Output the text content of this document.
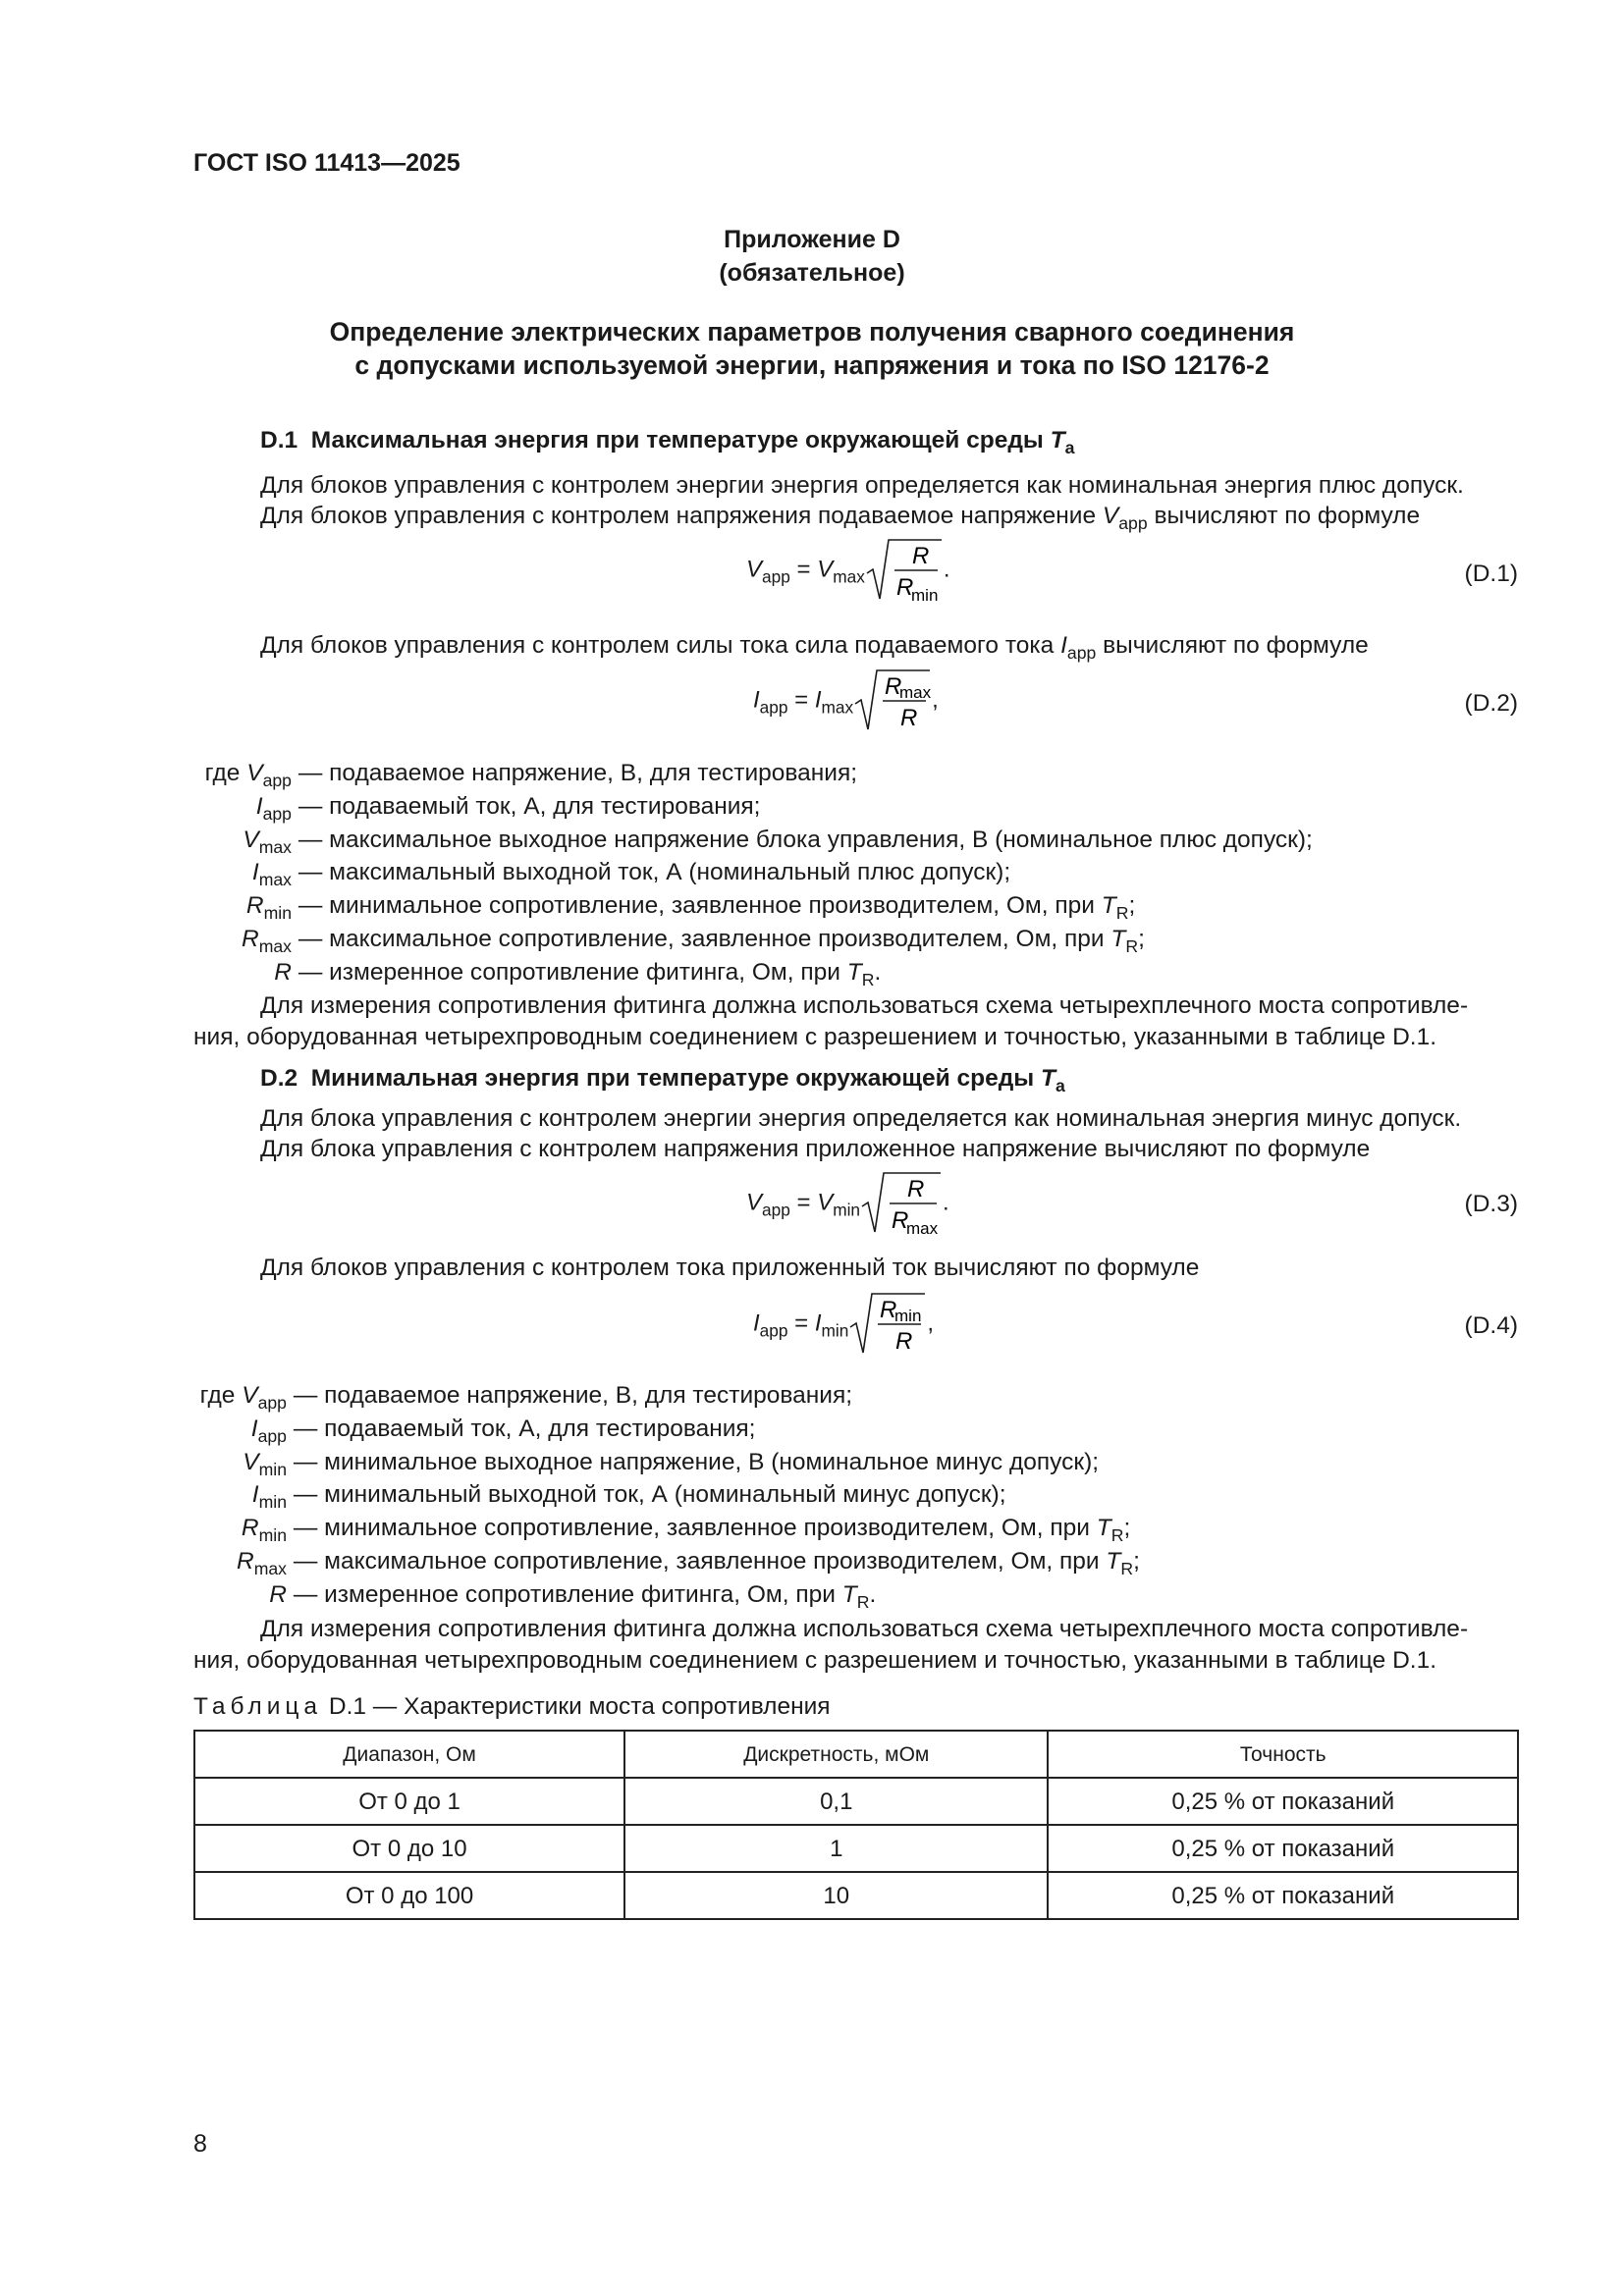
ГОСТ ISO 11413—2025
Приложение D
(обязательное)
Определение электрических параметров получения сварного соединения
с допусками используемой энергии, напряжения и тока по ISO 12176-2
D.1 Максимальная энергия при температуре окружающей среды $T_a$
Для блоков управления с контролем энергии энергия определяется как номинальная энергия плюс допуск.
Для блоков управления с контролем напряжения подаваемое напряжение $V_{app}$ вычисляют по формуле
$V_{app} = V_{max}$
R
R
min
.	(D.1)
Для блоков управления с контролем силы тока сила подаваемого тока $I_{app}$ вычисляют по формуле
$I_{app} = I_{max}$
R
max
R
,	(D.2)
где $V_{app}$ — подаваемое напряжение, В, для тестирования;
$I_{app}$ — подаваемый ток, А, для тестирования;
$V_{max}$ — максимальное выходное напряжение блока управления, В (номинальное плюс допуск);
$I_{max}$ — максимальный выходной ток, А (номинальный плюс допуск);
$R_{min}$ — минимальное сопротивление, заявленное производителем, Ом, при $T_R$;
$R_{max}$ — максимальное сопротивление, заявленное производителем, Ом, при $T_R$;
R — измеренное сопротивление фитинга, Ом, при $T_R$.
Для измерения сопротивления фитинга должна использоваться схема четырехплечного моста сопротивле-
ния, оборудованная четырехпроводным соединением с разрешением и точностью, указанными в таблице D.1.
D.2 Минимальная энергия при температуре окружающей среды $T_a$
Для блока управления с контролем энергии энергия определяется как номинальная энергия минус допуск.
Для блока управления с контролем напряжения приложенное напряжение вычисляют по формуле
$V_{app} = V_{min}$
R
R
max
.	(D.3)
Для блоков управления с контролем тока приложенный ток вычисляют по формуле
$I_{app} = I_{min}$
R
min
R
,	(D.4)
где $V_{app}$ — подаваемое напряжение, В, для тестирования;
$I_{app}$ — подаваемый ток, А, для тестирования;
$V_{min}$ — минимальное выходное напряжение, В (номинальное минус допуск);
$I_{min}$ — минимальный выходной ток, А (номинальный минус допуск);
$R_{min}$ — минимальное сопротивление, заявленное производителем, Ом, при $T_R$;
$R_{max}$ — максимальное сопротивление, заявленное производителем, Ом, при $T_R$;
R — измеренное сопротивление фитинга, Ом, при $T_R$.
Для измерения сопротивления фитинга должна использоваться схема четырехплечного моста сопротивле-
ния, оборудованная четырехпроводным соединением с разрешением и точностью, указанными в таблице D.1.
Таблица D.1 — Характеристики моста сопротивления
Диапазон, Ом	Дискретность, мОм	Точность
От 0 до 1	0,1	0,25 % от показаний
От 0 до 10	1	0,25 % от показаний
От 0 до 100	10	0,25 % от показаний
8
